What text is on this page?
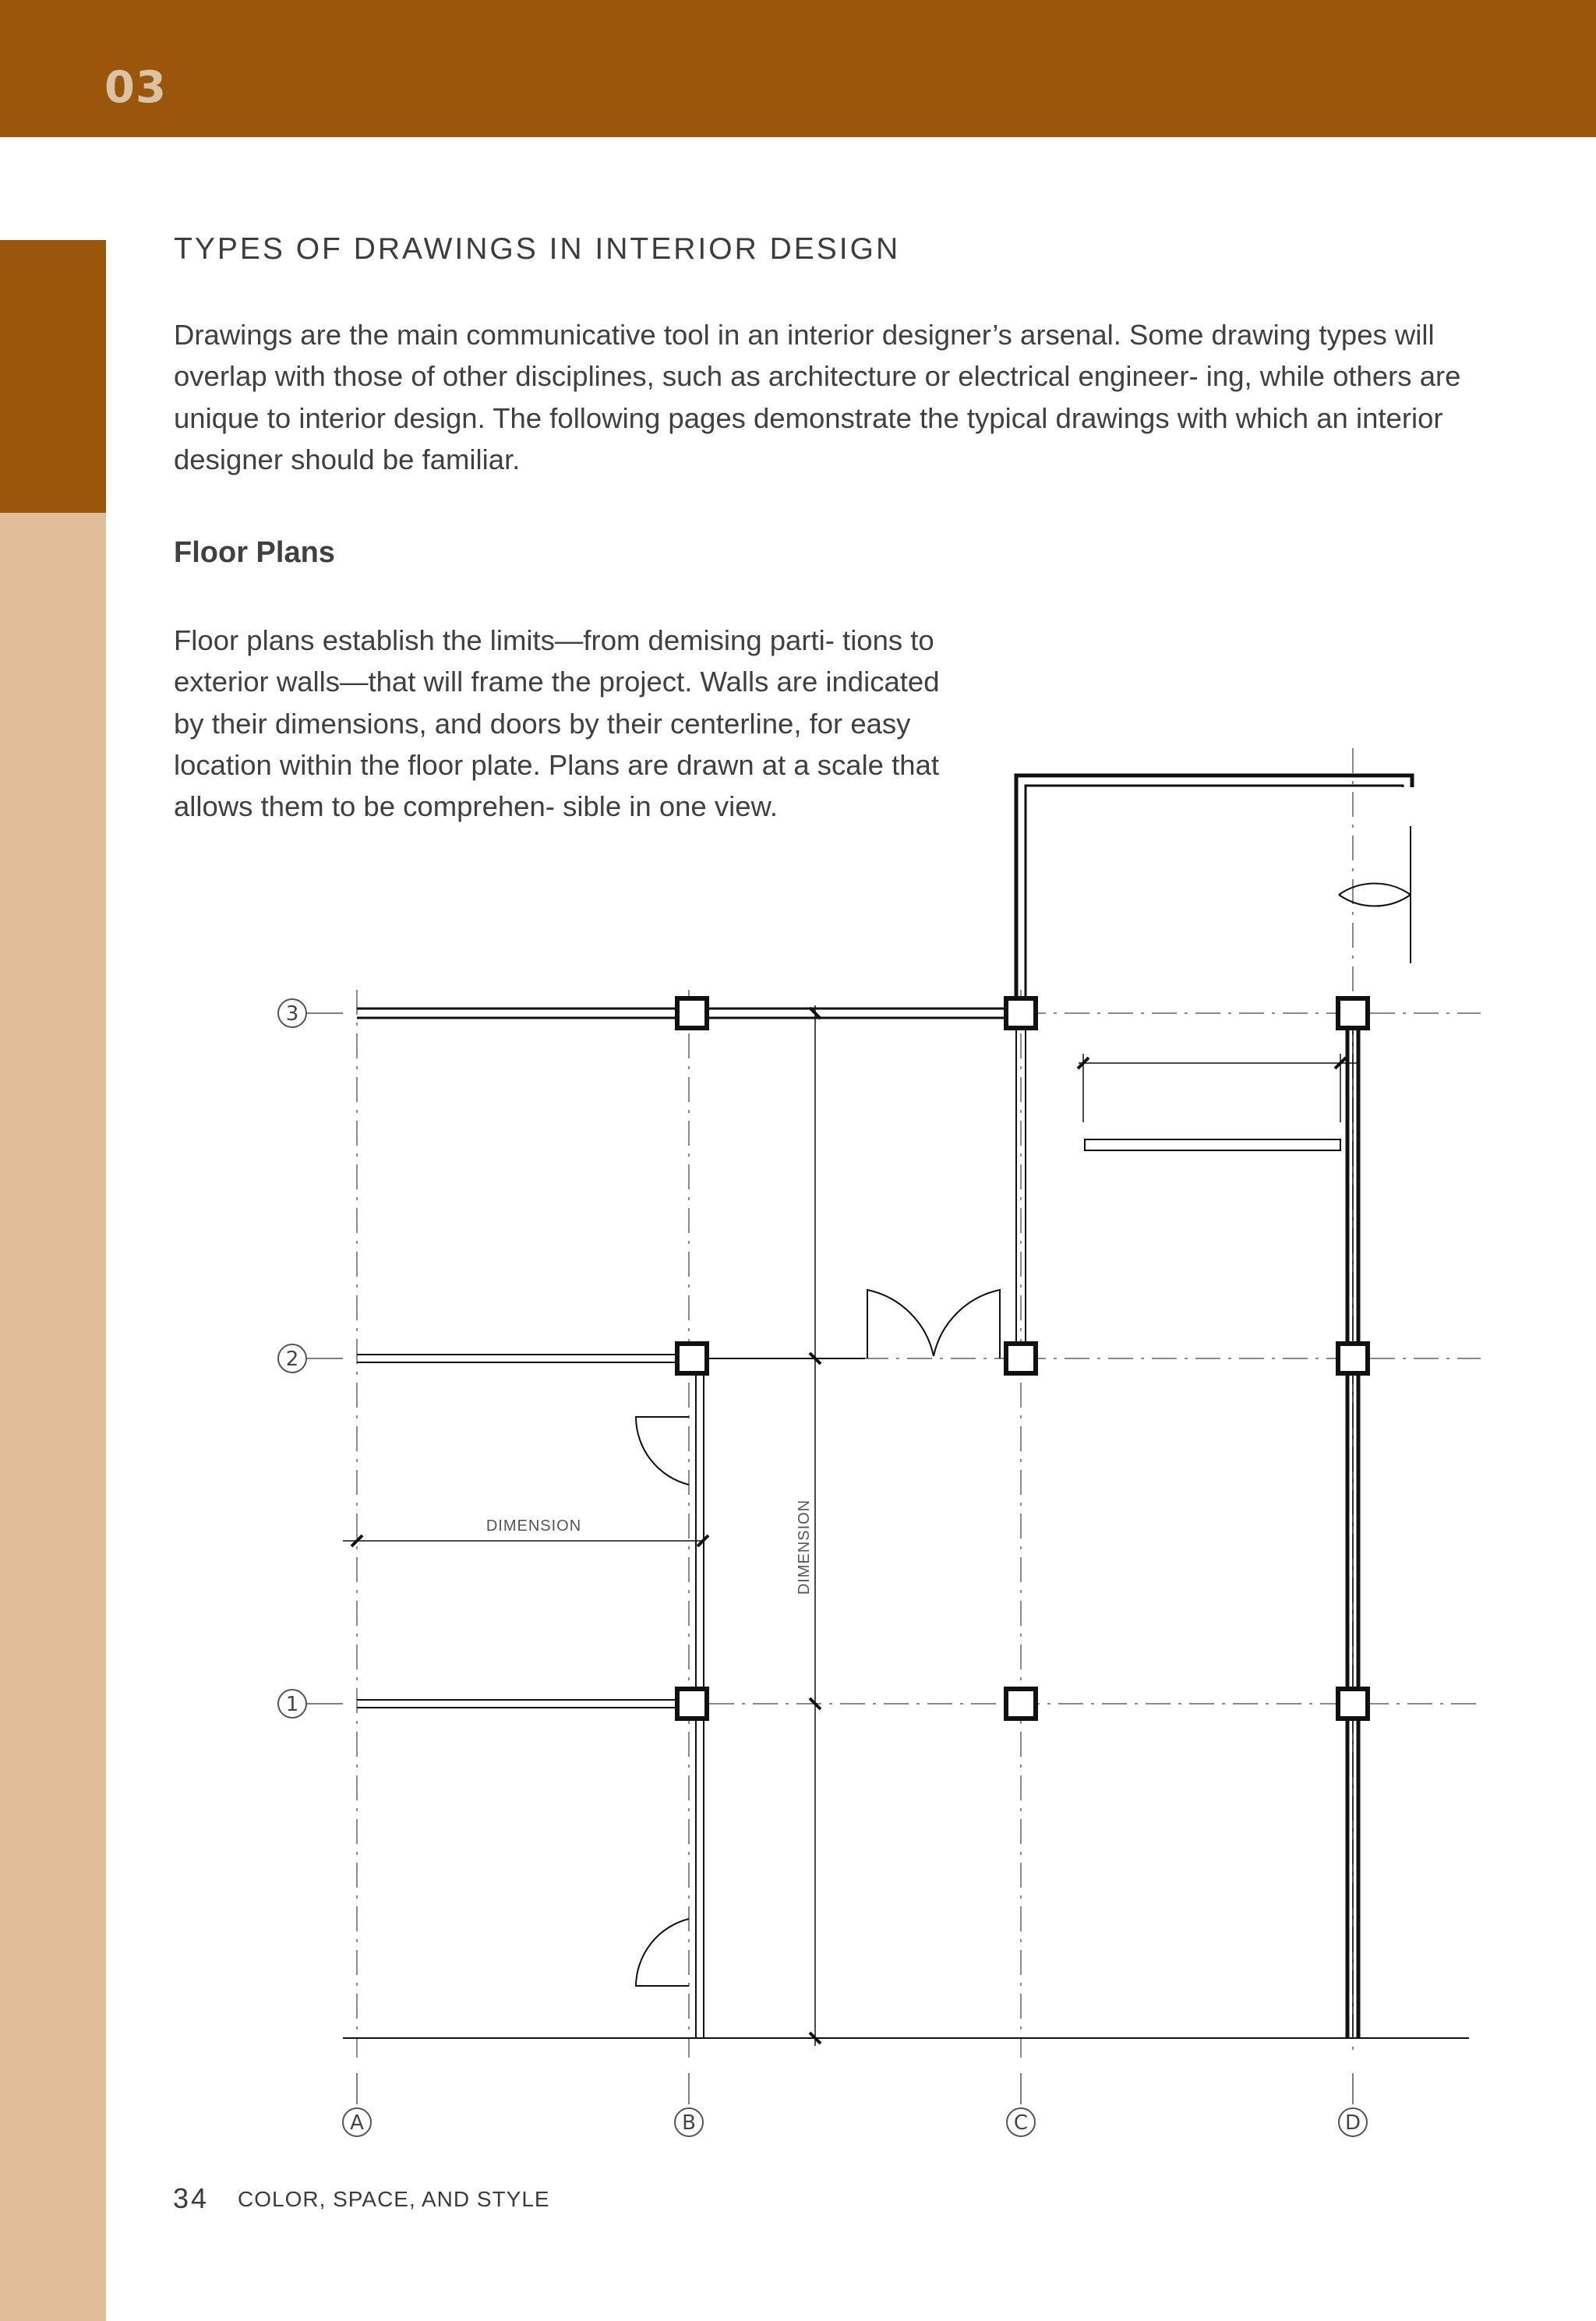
03
TYPES OF DRAWINGS IN INTERIOR DESIGN

Drawings are the main communicative tool in an interior designer’s arsenal. Some drawing types will overlap with those of other disciplines, such as architecture or electrical engineer- ing, while others are unique to interior design. The following pages demonstrate the typical drawings with which an interior designer should be familiar.

Floor Plans

Floor plans establish the limits—from demising parti- tions to exterior walls—that will frame the project. Walls are indicated by their dimensions, and doors by their centerline, for easy location within the floor plate. Plans are drawn at a scale that allows them to be comprehen- sible in one view.

3
2
1
A	B	C	D
DIMENSION	DIMENSION
34 COLOR, SPACE, AND STYLE
